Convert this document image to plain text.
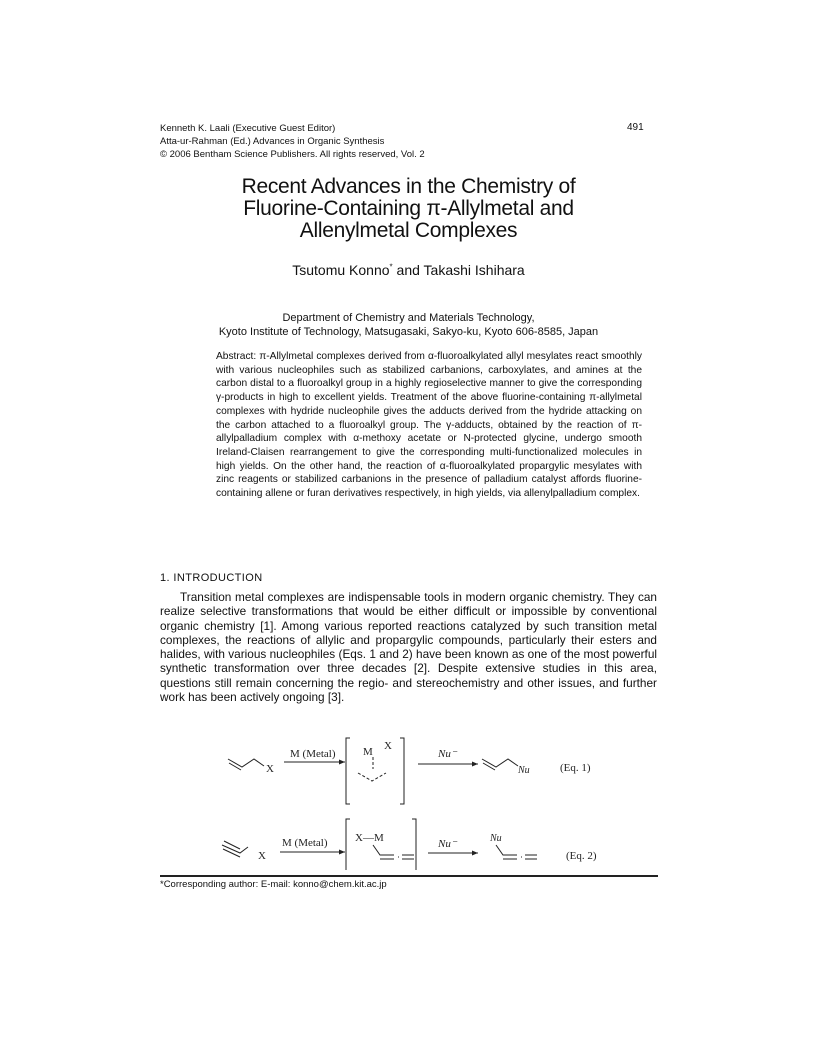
Kenneth K. Laali (Executive Guest Editor)
Atta-ur-Rahman (Ed.) Advances in Organic Synthesis
© 2006 Bentham Science Publishers. All rights reserved, Vol. 2
491
Recent Advances in the Chemistry of
Fluorine-Containing π-Allylmetal and
Allenylmetal Complexes
Tsutomu Konno* and Takashi Ishihara
Department of Chemistry and Materials Technology,
Kyoto Institute of Technology, Matsugasaki, Sakyo-ku, Kyoto 606-8585, Japan
Abstract: π-Allylmetal complexes derived from α-fluoroalkylated allyl mesylates react smoothly with various nucleophiles such as stabilized carbanions, carboxylates, and amines at the carbon distal to a fluoroalkyl group in a highly regioselective manner to give the corresponding γ-products in high to excellent yields. Treatment of the above fluorine-containing π-allylmetal complexes with hydride nucleophile gives the adducts derived from the hydride attacking on the carbon attached to a fluoroalkyl group. The γ-adducts, obtained by the reaction of π-allylpalladium complex with α-methoxy acetate or N-protected glycine, undergo smooth Ireland-Claisen rearrangement to give the corresponding multi-functionalized molecules in high yields. On the other hand, the reaction of α-fluoroalkylated propargylic mesylates with zinc reagents or stabilized carbanions in the presence of palladium catalyst affords fluorine-containing allene or furan derivatives respectively, in high yields, via allenylpalladium complex.
1. INTRODUCTION
Transition metal complexes are indispensable tools in modern organic chemistry. They can realize selective transformations that would be either difficult or impossible by conventional organic chemistry [1]. Among various reported reactions catalyzed by such transition metal complexes, the reactions of allylic and propargylic compounds, particularly their esters and halides, with various nucleophiles (Eqs. 1 and 2) have been known as one of the most powerful synthetic transformation over three decades [2]. Despite extensive studies in this area, questions still remain concerning the regio- and stereochemistry and other issues, and further work has been actively ongoing [3].
X
M (Metal) M X
Nu⁻
Nu	(Eq. 1)
X
M (Metal) X—M	Nu⁻	Nu
(Eq. 2)
*Corresponding author: E-mail: konno@chem.kit.ac.jp
